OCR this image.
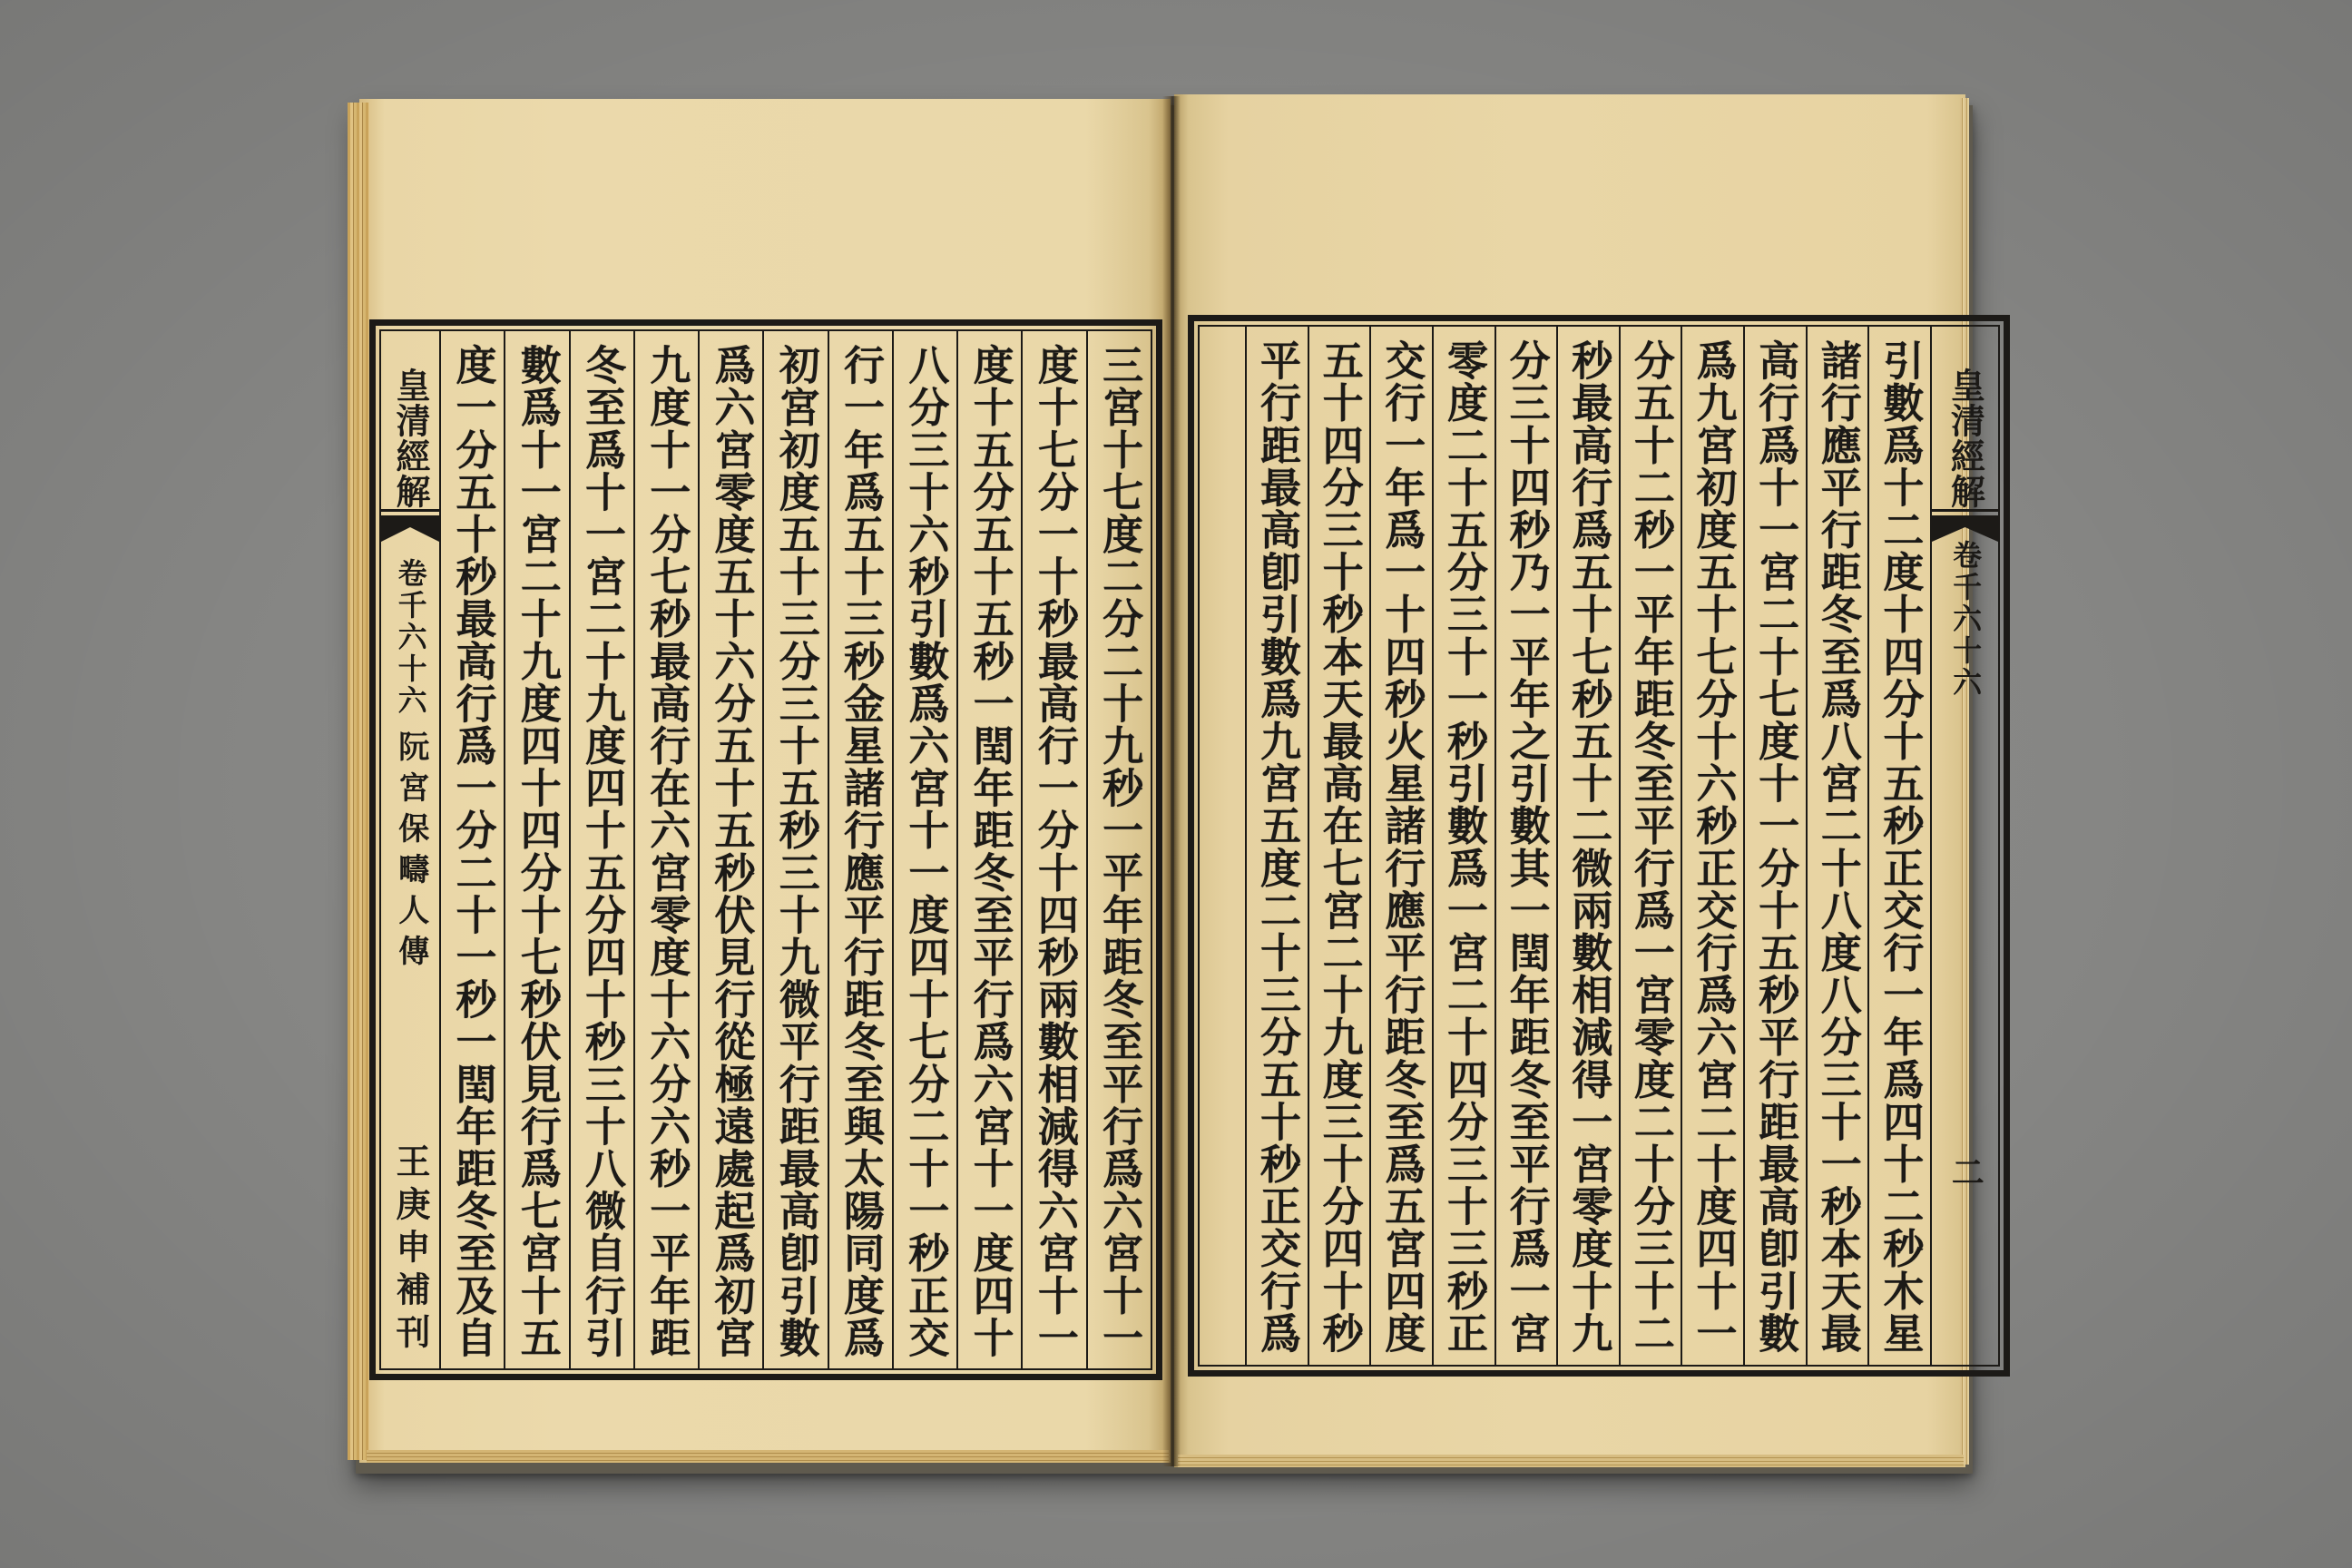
三宮十七度二分二十九秒一平年距冬至平行爲六宮十一
度十七分一十秒最高行一分十四秒兩數相減得六宮十一
度十五分五十五秒一閏年距冬至平行爲六宮十一度四十
八分三十六秒引數爲六宮十一度四十七分二十一秒正交
行一年爲五十三秒金星諸行應平行距冬至與太陽同度爲
初宮初度五十三分三十五秒三十九微平行距最高卽引數
爲六宮零度五十六分五十五秒伏見行從極遠處起爲初宮
九度十一分七秒最高行在六宮零度十六分六秒一平年距
冬至爲十一宮二十九度四十五分四十秒三十八微自行引
數爲十一宮二十九度四十四分十七秒伏見行爲七宮十五
度一分五十秒最高行爲一分二十一秒一閏年距冬至及自
皇清經解
卷千六十六
阮宮保疇人傳
王庚申補刊
皇清經解
卷千六十六
二
引數爲十二度十四分十五秒正交行一年爲四十二秒木星
諸行應平行距冬至爲八宮二十八度八分三十一秒本天最
高行爲十一宮二十七度十一分十五秒平行距最高卽引數
爲九宮初度五十七分十六秒正交行爲六宮二十度四十一
分五十二秒一平年距冬至平行爲一宮零度二十分三十二
秒最高行爲五十七秒五十二微兩數相減得一宮零度十九
分三十四秒乃一平年之引數其一閏年距冬至平行爲一宮
零度二十五分三十一秒引數爲一宮二十四分三十三秒正
交行一年爲一十四秒火星諸行應平行距冬至爲五宮四度
五十四分三十秒本天最高在七宮二十九度三十分四十秒
平行距最高卽引數爲九宮五度二十三分五十秒正交行爲
